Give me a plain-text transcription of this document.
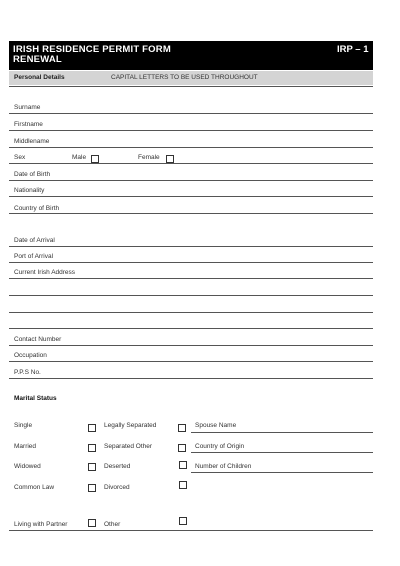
IRISH RESIDENCE PERMIT FORM
RENEWAL
IRP – 1
Personal Details	CAPITAL LETTERS TO BE USED THROUGHOUT
Surname
Firstname
Middlename
Sex	Male	Female
Date of Birth
Nationality
Country of Birth
Date of Arrival
Port of Arrival
Current Irish Address
Contact Number
Occupation
P.P.S No.
Marital Status
Single	Legally Separated	Spouse Name
Married	Separated Other	Country of Origin
Widowed	Deserted	Number of Children
Common Law	Divorced
Living with Partner	Other
